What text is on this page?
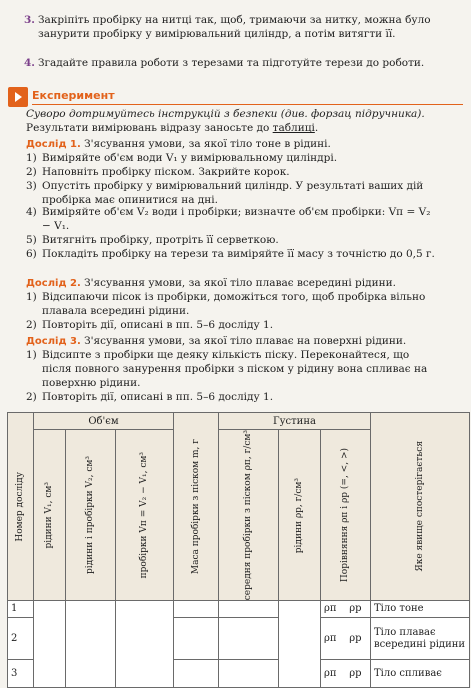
3. Закріпіть пробірку на нитці так, щоб, тримаючи за нитку, можна було занурити пробірку у вимірювальний циліндр, а потім витягти її.
4. Згадайте правила роботи з терезами та підготуйте терези до роботи.
Експеримент
Суворо дотримуйтесь інструкцій з безпеки (див. форзац підручника).
Результати вимірювань відразу заносьте до таблиці.
Дослід 1. З'ясування умови, за якої тіло тоне в рідині.
1) Виміряйте об'єм води V₁ у вимірювальному циліндрі.
2) Наповніть пробірку піском. Закрийте корок.
3) Опустіть пробірку у вимірювальний циліндр. У результаті ваших дій пробірка має опинитися на дні.
4) Виміряйте об'єм V₂ води і пробірки; визначте об'єм пробірки: Vп = V₂ − V₁.
5) Витягніть пробірку, протріть її серветкою.
6) Покладіть пробірку на терези та виміряйте її масу з точністю до 0,5 г.
Дослід 2. З'ясування умови, за якої тіло плаває всередині рідини.
1) Відсипаючи пісок із пробірки, доможіться того, щоб пробірка вільно плавала всередині рідини.
2) Повторіть дії, описані в пп. 5–6 досліду 1.
Дослід 3. З'ясування умови, за якої тіло плаває на поверхні рідини.
1) Відсипте з пробірки ще деяку кількість піску. Переконайтеся, що після повного занурення пробірки з піском у рідину вона спливає на поверхню рідини.
2) Повторіть дії, описані в пп. 5–6 досліду 1.
Номер досліду	Об'єм			Маса пробірки з піском m, г	Густина			Яке явище спостерігається

	рідини V₁, см³	рідини і пробірки V₂, см³	пробірки Vп = V₂ − V₁, см³		середня пробірки з піском ρп, г/см³	рідини ρр, г/см³	Порівняння ρп і ρр (=, <, >)	

1							ρп ρр	Тіло тоне
2							ρп ρр	Тіло плаває всередині рідини
3							ρп ρр	Тіло спливає
